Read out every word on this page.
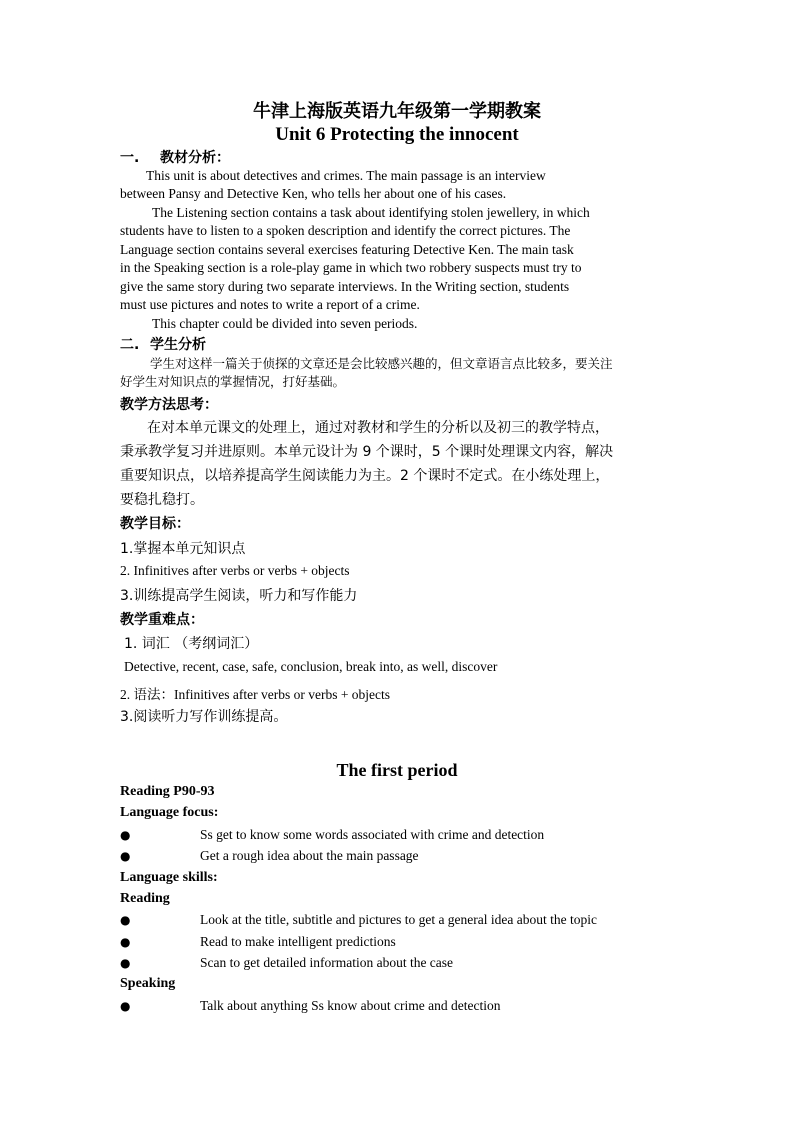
牛津上海版英语九年级第一学期教案
Unit 6 Protecting the innocent
一. 教材分析：
This unit is about detectives and crimes. The main passage is an interview
between Pansy and Detective Ken, who tells her about one of his cases.
The Listening section contains a task about identifying stolen jewellery, in which
students have to listen to a spoken description and identify the correct pictures. The
Language section contains several exercises featuring Detective Ken. The main task
in the Speaking section is a role-play game in which two robbery suspects must try to
give the same story during two separate interviews. In the Writing section, students
must use pictures and notes to write a report of a crime.
This chapter could be divided into seven periods.
二. 学生分析
学生对这样一篇关于侦探的文章还是会比较感兴趣的，但文章语言点比较多，要关注
好学生对知识点的掌握情况，打好基础。
教学方法思考：
在对本单元课文的处理上，通过对教材和学生的分析以及初三的教学特点，
秉承教学复习并进原则。本单元设计为 9 个课时，5 个课时处理课文内容，解决
重要知识点，以培养提高学生阅读能力为主。2 个课时不定式。在小练处理上，
要稳扎稳打。
教学目标：
1.掌握本单元知识点
2. Infinitives after verbs or verbs + objects
3.训练提高学生阅读，听力和写作能力
教学重难点：
1. 词汇 （考纲词汇）
Detective, recent, case, safe, conclusion, break into, as well, discover
2. 语法：Infinitives after verbs or verbs + objects
3.阅读听力写作训练提高。
The first period
Reading P90-93
Language focus:
●	Ss get to know some words associated with crime and detection
●	Get a rough idea about the main passage
Language skills:
Reading
●	Look at the title, subtitle and pictures to get a general idea about the topic
●	Read to make intelligent predictions
●	Scan to get detailed information about the case
Speaking
●	Talk about anything Ss know about crime and detection
